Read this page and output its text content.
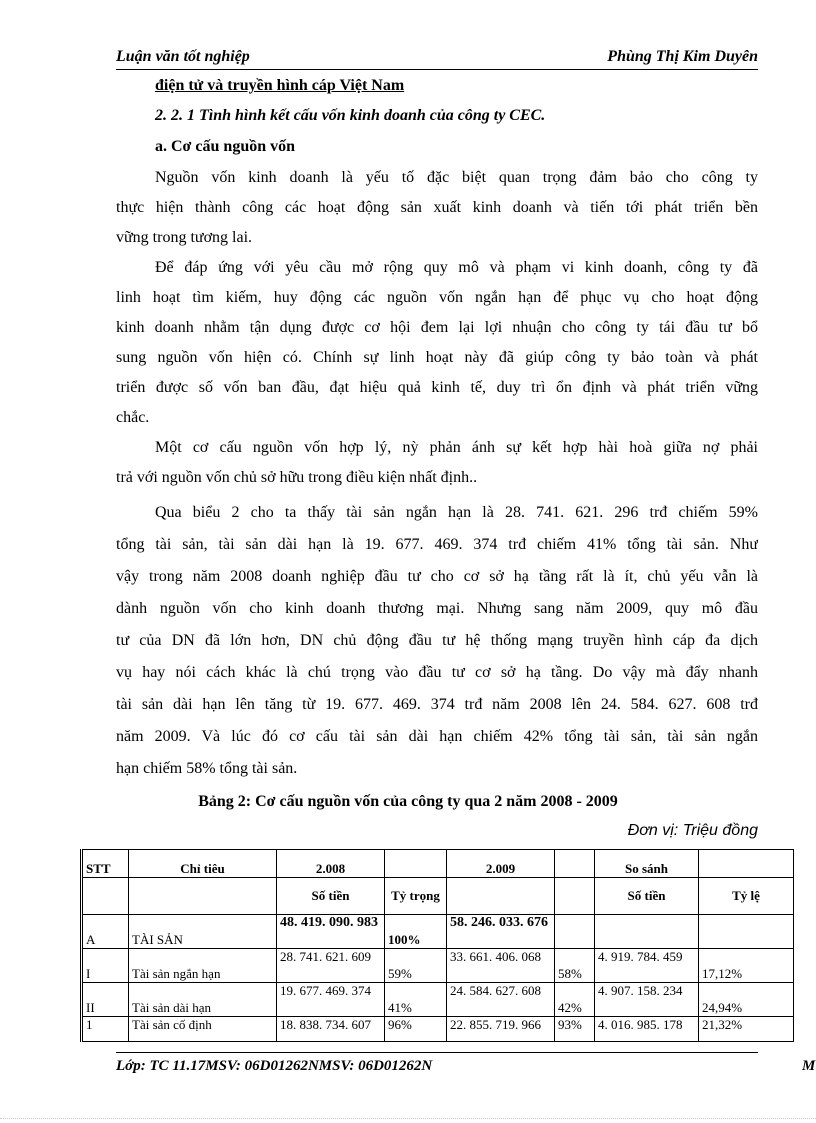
Luận văn tốt nghiệp	Phùng Thị Kim Duyên
điện tử và truyền hình cáp Việt Nam
2. 2. 1 Tình hình kết cấu vốn kinh doanh của công ty CEC.
a. Cơ cấu nguồn vốn
Nguồn vốn kinh doanh là yếu tố đặc biệt quan trọng đảm bảo cho công ty
thực hiện thành công các hoạt động sản xuất kinh doanh và tiến tới phát triển bền
vững trong tương lai.
Để đáp ứng với yêu cầu mở rộng quy mô và phạm vi kinh doanh, công ty đã
linh hoạt tìm kiếm, huy động các nguồn vốn ngắn hạn để phục vụ cho hoạt động
kinh doanh nhằm tận dụng được cơ hội đem lại lợi nhuận cho công ty tái đầu tư bổ
sung nguồn vốn hiện có. Chính sự linh hoạt này đã giúp công ty bảo toàn và phát
triển được số vốn ban đầu, đạt hiệu quả kinh tế, duy trì ổn định và phát triển vững
chắc.
Một cơ cấu nguồn vốn hợp lý, nỳ phản ánh sự kết hợp hài hoà giữa nợ phải
trả với nguồn vốn chủ sở hữu trong điều kiện nhất định..
Qua biểu 2 cho ta thấy tài sản ngắn hạn là 28. 741. 621. 296 trđ chiếm 59%
tổng tài sản, tài sản dài hạn là 19. 677. 469. 374 trđ chiếm 41% tổng tài sản. Như
vậy trong năm 2008 doanh nghiệp đầu tư cho cơ sở hạ tầng rất là ít, chủ yếu vẫn là
dành nguồn vốn cho kinh doanh thương mại. Nhưng sang năm 2009, quy mô đầu
tư của DN đã lớn hơn, DN chủ động đầu tư hệ thống mạng truyền hình cáp đa dịch
vụ hay nói cách khác là chú trọng vào đầu tư cơ sở hạ tầng. Do vậy mà đẩy nhanh
tài sản dài hạn lên tăng từ 19. 677. 469. 374 trđ năm 2008 lên 24. 584. 627. 608 trđ
năm 2009. Và lúc đó cơ cấu tài sản dài hạn chiếm 42% tổng tài sản, tài sản ngắn
hạn chiếm 58% tổng tài sản.
Bảng 2: Cơ cấu nguồn vốn của công ty qua 2 năm 2008 - 2009
Đơn vị: Triệu đồng
STT	Chỉ tiêu	2.008		2.009		So sánh	
		Số tiền	Tỷ trọng			Số tiền	Tỷ lệ
A	TÀI SẢN	48. 419. 090. 983	100%	58. 246. 033. 676			
I	Tài sản ngắn hạn	28. 741. 621. 609	59%	33. 661. 406. 068	58%	4. 919. 784. 459	17,12%
II	Tài sản dài hạn	19. 677. 469. 374	41%	24. 584. 627. 608	42%	4. 907. 158. 234	24,94%
1	Tài sản cố định	18. 838. 734. 607	96%	22. 855. 719. 966	93%	4. 016. 985. 178	21,32%
Lớp: TC 11.17MSV: 06D01262NMSV: 06D01262N	M
